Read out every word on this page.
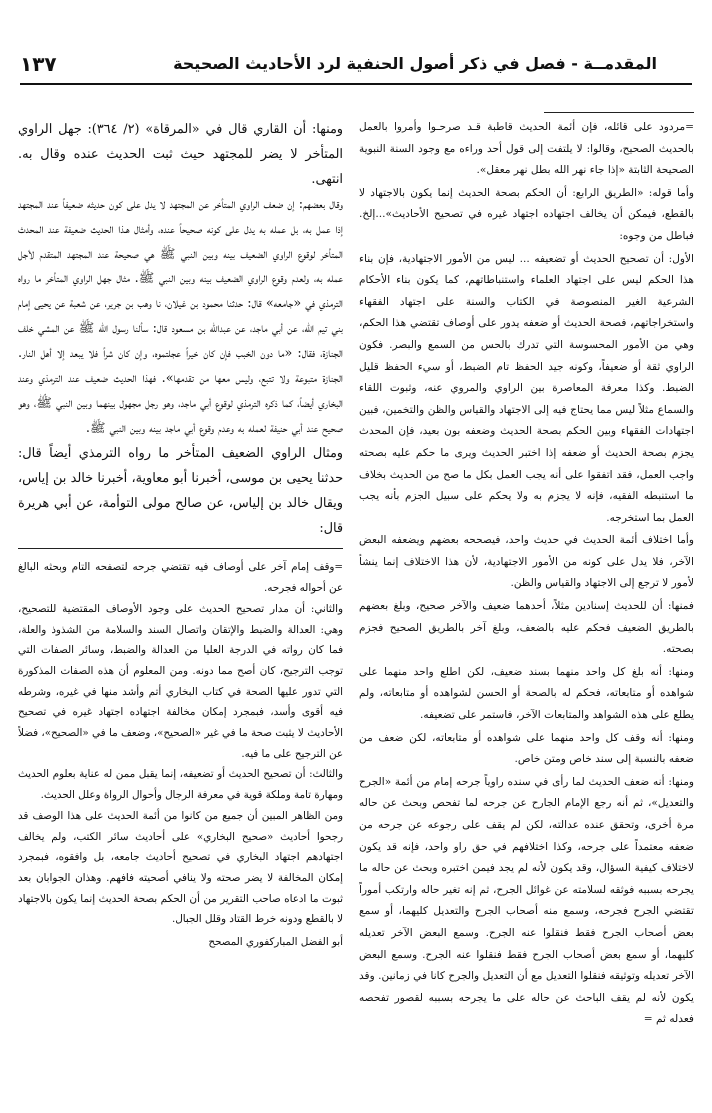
المقدمــة - فصل في ذكر أصول الحنفية لرد الأحاديث الصحيحة
١٣٧

=مردود على قائله، فإن أئمة الحديث قاطبة قـد صرحـوا وأمروا بالعمل بالحديث الصحيح، وقالوا: لا يلتفت إلى قول أحد وراءه مع وجود السنة النبوية الصحيحة الثابتة «إذا جاء نهر الله بطل نهر معقل».

وأما قوله: «الطريق الرابع: أن الحكم بصحة الحديث إنما يكون بالاجتهاد لا بالقطع، فيمكن أن يخالف اجتهاده اجتهاد غيره في تصحيح الأحاديث»...إلخ. فباطل من وجوه:

الأول: أن تصحيح الحديث أو تضعيفه ... ليس من الأمور الاجتهادية، فإن بناء هذا الحكم ليس على اجتهاد العلماء واستنباطاتهم، كما يكون بناء الأحكام الشرعية الغير المنصوصة في الكتاب والسنة على اجتهاد الفقهاء واستخراجاتهم، فصحة الحديث أو ضعفه يدور على أوصاف تقتضي هذا الحكم، وهي من الأمور المحسوسة التي تدرك بالحس من السمع والبصر. فكون الراوي ثقة أو ضعيفاً، وكونه جيد الحفظ تام الضبط، أو سيء الحفظ قليل الضبط. وكذا معرفة المعاصرة بين الراوي والمروي عنه، وثبوت اللقاء والسماع مثلاً ليس مما يحتاج فيه إلى الاجتهاد والقياس والظن والتخمين، فبين اجتهادات الفقهاء وبين الحكم بصحة الحديث وضعفه بون بعيد، فإن المحدث يجزم بصحة الحديث أو ضعفه إذا اختبر الحديث ويرى ما حكم عليه بصحته واجب العمل، فقد اتفقوا على أنه يجب العمل بكل ما صح من الحديث بخلاف ما استنبطه الفقيه، فإنه لا يجزم به ولا يحكم على سبيل الجزم بأنه يجب العمل بما استخرجه.

وأما اختلاف أئمة الحديث في حديث واحد، فيصححه بعضهم ويضعفه البعض الآخر، فلا يدل على كونه من الأمور الاجتهادية، لأن هذا الاختلاف إنما ينشأ لأمور لا ترجع إلى الاجتهاد والقياس والظن.

فمنها: أن للحديث إسنادين مثلاً، أحدهما ضعيف والآخر صحيح، وبلغ بعضهم بالطريق الضعيف فحكم عليه بالضعف، وبلغ آخر بالطريق الصحيح فجزم بصحته.

ومنها: أنه بلغ كل واحد منهما بسند ضعيف، لكن اطلع واحد منهما على شواهده أو متابعاته، فحكم له بالصحة أو الحسن لشواهده أو متابعاته، ولم يطلع على هذه الشواهد والمتابعات الآخر، فاستمر على تضعيفه.

ومنها: أنه وقف كل واحد منهما على شواهده أو متابعاته، لكن ضعف من ضعفه بالنسبة إلى سند خاص ومتن خاص.

ومنها: أنه ضعف الحديث لما رأى في سنده راوياً جرحه إمام من أئمة «الجرح والتعديل»، ثم أنه رجع الإمام الجارح عن جرحه لما تفحص وبحث عن حاله مرة أخرى، وتحقق عنده عدالته، لكن لم يقف على رجوعه عن جرحه من ضعفه معتمداً على جرحه، وكذا اختلافهم في حق راو واحد، فإنه قد يكون لاختلاف كيفية السؤال، وقد يكون لأنه لم يجد فيمن اختبره وبحث عن حاله ما يجرحه بسببه فوثقه لسلامته عن غوائل الجرح، ثم إنه تغير حاله وارتكب أموراً تقتضي الجرح فجرحه، وسمع منه أصحاب الجرح والتعديل كليهما، أو سمع بعض أصحاب الجرح فقط فنقلوا عنه الجرح. وسمع البعض الآخر تعديله كليهما، أو سمع بعض أصحاب الجرح فقط فنقلوا عنه الجرح. وسمع البعض الآخر تعديله وتوثيقه فنقلوا التعديل مع أن التعديل والجرح كانا في زمانين. وقد يكون لأنه لم يقف الباحث عن حاله على ما يجرحه بسببه لقصور تفحصه فعدله ثم =

ومنها: أن القاري قال في «المرقاة» (٢/ ٣٦٤): جهل الراوي المتأخر لا يضر للمجتهد حيث ثبت الحديث عنده وقال به. انتهى.

وقال بعضهم: إن ضعف الراوي المتأخر عن المجتهد لا يدل على كون حديثه ضعيفاً عند المجتهد إذا عمل به، بل عمله به يدل على كونه صحيحاً عنده، وأمثال هـذا الحديث ضعيفة عند المحدث المتأخر لوقوع الراوي الضعيف بينه وبين النبي ﷺ هي صحيحة عند المجتهد المتقدم لأجل عمله به، ولعدم وقوع الراوي الضعيف بينه وبين النبي ﷺ. مثال جهل الراوي المتأخر ما رواه الترمذي في «جامعه» قال: حدثنا محمود بن غيلان، نا وهب بن جرير، عن شعبة عن يحيى إمام بني تيم الله، عن أبي ماجد، عن عبدالله بن مسعود قال: سألنا رسول الله ﷺ عن المشي خلف الجنازة، فقال: «ما دون الخبب فإن كان خيراً عجلتموه، وإن كان شراً فلا يبعد إلا أهل النار. الجنازة متبوعة ولا تتبع، وليس معها من تقدمها». فهذا الحديث ضعيف عند الترمذي وعند البخاري أيضاً، كما ذكره الترمذي لوقوع أبي ماجد، وهو رجل مجهول بينهما وبين النبي ﷺ، وهو صحيح عند أبي حنيفة لعمله به وعدم وقوع أبي ماجد بينه وبين النبي ﷺ.

ومثال الراوي الضعيف المتأخر ما رواه الترمذي أيضاً قال: حدثنا يحيى بن موسى، أخبرنا أبو معاوية، أخبرنا خالد بن إياس، ويقال خالد بن إلياس، عن صالح مولى التوأمة، عن أبي هريرة قال:

=وقف إمام آخر على أوصاف فيه تقتضي جرحه لتصفحه التام وبحثه البالغ عن أحواله فجرحه.

والثاني: أن مدار تصحيح الحديث على وجود الأوصاف المقتضية للتصحيح، وهي: العدالة والضبط والإتقان واتصال السند والسلامة من الشذوذ والعلة، فما كان رواته في الدرجة العليا من العدالة والضبط، وسائر الصفات التي توجب الترجيح، كان أصح مما دونه. ومن المعلوم أن هذه الصفات المذكورة التي تدور عليها الصحة في كتاب البخاري أتم وأشد منها في غيره، وشرطه فيه أقوى وأسد، فبمجرد إمكان مخالفة اجتهاده اجتهاد غيره في تصحيح الأحاديث لا يثبت صحة ما في غير «الصحيح»، وضعف ما في «الصحيح»، فضلاً عن الترجيح على ما فيه.

والثالث: أن تصحيح الحديث أو تضعيفه، إنما يقبل ممن له عناية بعلوم الحديث ومهارة تامة وملكة قوية في معرفة الرجال وأحوال الرواة وعلل الحديث.

ومن الظاهر المبين أن جميع من كانوا من أئمة الحديث على هذا الوصف قد رجحوا أحاديث «صحيح البخاري» على أحاديث سائر الكتب، ولم يخالف اجتهادهم اجتهاد البخاري في تصحيح أحاديث جامعه، بل وافقوه، فبمجرد إمكان المخالفة لا يضر صحته ولا ينافي أصحيته فافهم. وهذان الجوابان بعد ثبوت ما ادعاه صاحب التقرير من أن الحكم بصحة الحديث إنما يكون بالاجتهاد لا بالقطع ودونه خرط القتاد وقلل الجبال.

أبو الفضل المباركفوري المصحح
